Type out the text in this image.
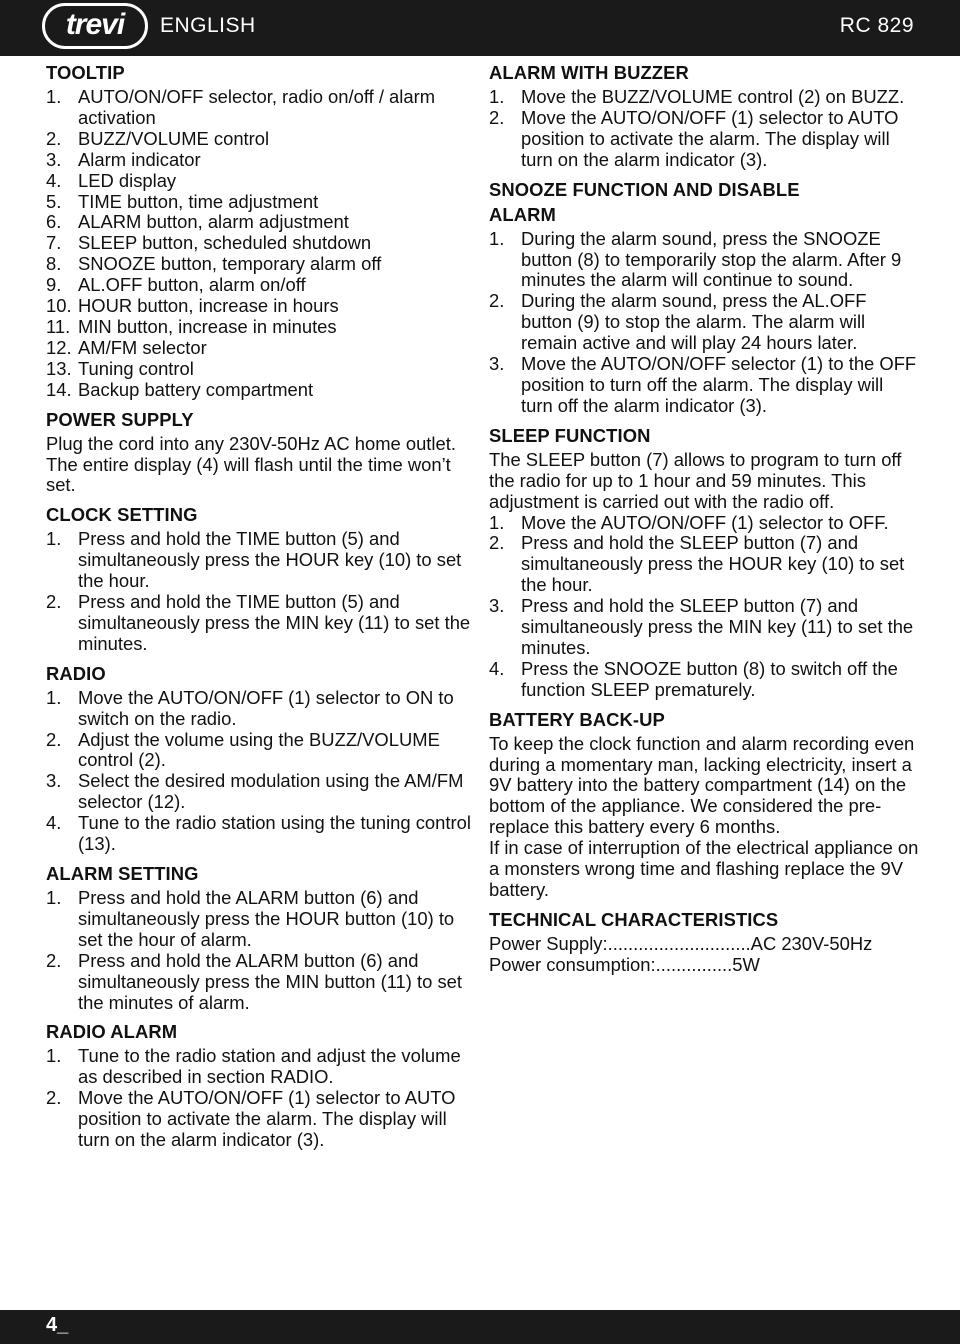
trevi	ENGLISH	RC 829
TOOLTIP
1. AUTO/ON/OFF selector, radio on/off / alarm activation
2. BUZZ/VOLUME control
3. Alarm indicator
4. LED display
5. TIME button, time adjustment
6. ALARM button, alarm adjustment
7. SLEEP button, scheduled shutdown
8. SNOOZE button, temporary alarm off
9. AL.OFF button, alarm on/off
10. HOUR button, increase in hours
11. MIN button, increase in minutes
12. AM/FM selector
13. Tuning control
14. Backup battery compartment
POWER SUPPLY

Plug the cord into any 230V-50Hz AC home outlet. The entire display (4) will flash until the time won’t set.

CLOCK SETTING
1. Press and hold the TIME button (5) and simultaneously press the HOUR key (10) to set the hour.
2. Press and hold the TIME button (5) and simultaneously press the MIN key (11) to set the minutes.
RADIO
1. Move the AUTO/ON/OFF (1) selector to ON to switch on the radio.
2. Adjust the volume using the BUZZ/VOLUME control (2).
3. Select the desired modulation using the AM/FM selector (12).
4. Tune to the radio station using the tuning control (13).
ALARM SETTING
1. Press and hold the ALARM button (6) and simultaneously press the HOUR button (10) to set the hour of alarm.
2. Press and hold the ALARM button (6) and simultaneously press the MIN button (11) to set the minutes of alarm.
RADIO ALARM
1. Tune to the radio station and adjust the volume as described in section RADIO.
2. Move the AUTO/ON/OFF (1) selector to AUTO position to activate the alarm. The display will turn on the alarm indicator (3).
ALARM WITH BUZZER
1. Move the BUZZ/VOLUME control (2) on BUZZ.
2. Move the AUTO/ON/OFF (1) selector to AUTO position to activate the alarm. The display will turn on the alarm indicator (3).
SNOOZE FUNCTION AND DISABLE
ALARM
1. During the alarm sound, press the SNOOZE button (8) to temporarily stop the alarm. After 9 minutes the alarm will continue to sound.
2. During the alarm sound, press the AL.OFF button (9) to stop the alarm. The alarm will remain active and will play 24 hours later.
3. Move the AUTO/ON/OFF selector (1) to the OFF position to turn off the alarm. The display will turn off the alarm indicator (3).
SLEEP FUNCTION

The SLEEP button (7) allows to program to turn off the radio for up to 1 hour and 59 minutes. This adjustment is carried out with the radio off.

1. Move the AUTO/ON/OFF (1) selector to OFF.
2. Press and hold the SLEEP button (7) and simultaneously press the HOUR key (10) to set the hour.
3. Press and hold the SLEEP button (7) and simultaneously press the MIN key (11) to set the minutes.
4. Press the SNOOZE button (8) to switch off the function SLEEP prematurely.
BATTERY BACK-UP

To keep the clock function and alarm recording even during a momentary man, lacking electricity, insert a 9V battery into the battery compartment (14) on the bottom of the appliance. We considered the pre-replace this battery every 6 months.

If in case of interruption of the electrical appliance on a monsters wrong time and flashing replace the 9V battery.

TECHNICAL CHARACTERISTICS
Power Supply: ............................ AC 230V-50Hz
Power consumption: ............... 5W
4_
